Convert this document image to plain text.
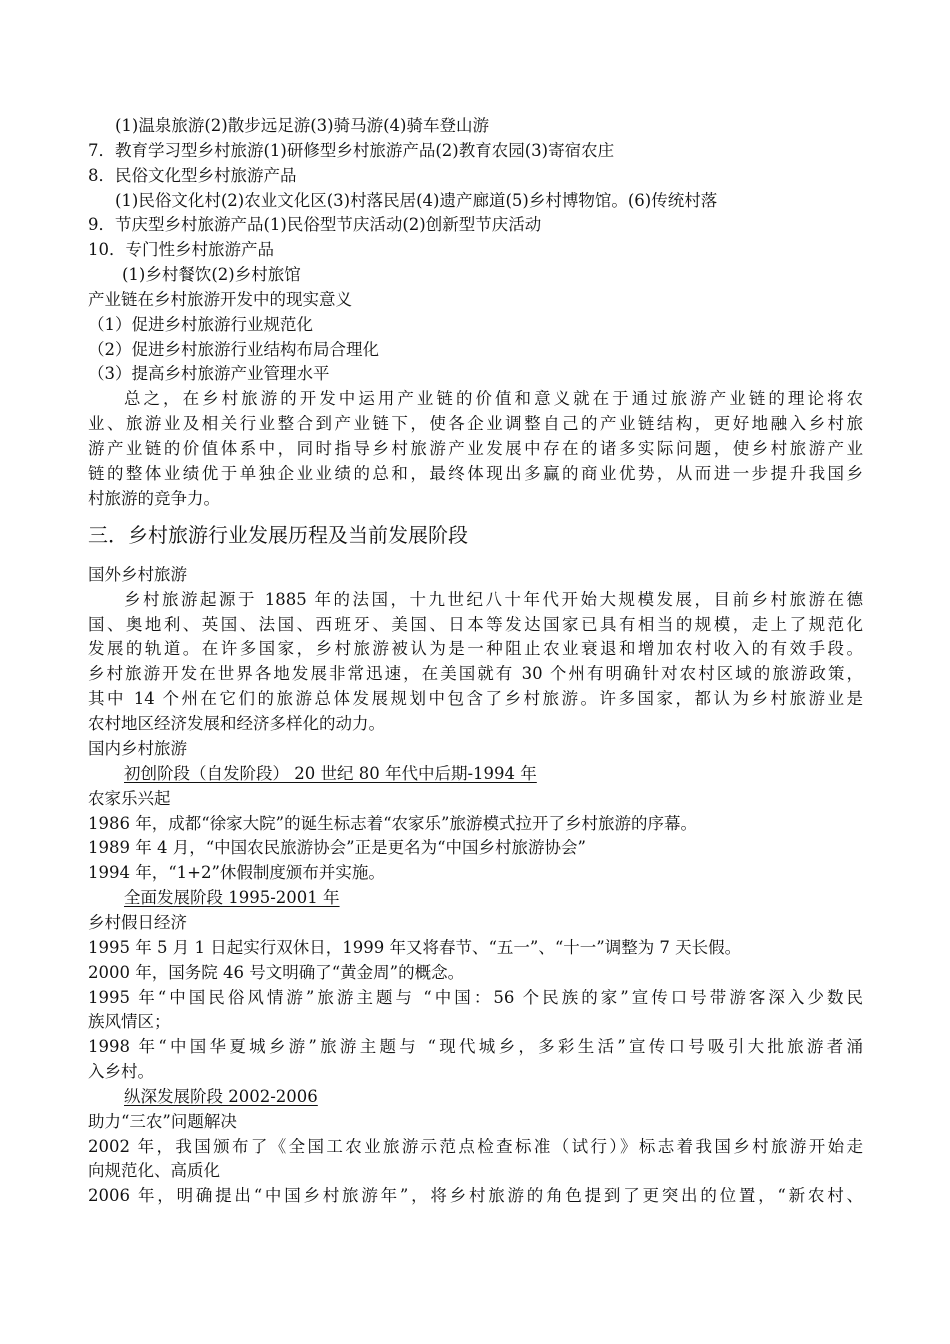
(1)温泉旅游(2)散步远足游(3)骑马游(4)骑车登山游
7．教育学习型乡村旅游(1)研修型乡村旅游产品(2)教育农园(3)寄宿农庄
8．民俗文化型乡村旅游产品
(1)民俗文化村(2)农业文化区(3)村落民居(4)遗产廊道(5)乡村博物馆。(6)传统村落
9．节庆型乡村旅游产品(1)民俗型节庆活动(2)创新型节庆活动
10．专门性乡村旅游产品
(1)乡村餐饮(2)乡村旅馆
产业链在乡村旅游开发中的现实意义
（1）促进乡村旅游行业规范化
（2）促进乡村旅游行业结构布局合理化
（3）提高乡村旅游产业管理水平
总之，在乡村旅游的开发中运用产业链的价值和意义就在于通过旅游产业链的理论将农
业、旅游业及相关行业整合到产业链下，使各企业调整自己的产业链结构，更好地融入乡村旅
游产业链的价值体系中，同时指导乡村旅游产业发展中存在的诸多实际问题，使乡村旅游产业
链的整体业绩优于单独企业业绩的总和，最终体现出多赢的商业优势，从而进一步提升我国乡
村旅游的竞争力。
三．乡村旅游行业发展历程及当前发展阶段
国外乡村旅游
乡村旅游起源于 1885 年的法国，十九世纪八十年代开始大规模发展，目前乡村旅游在德
国、奥地利、英国、法国、西班牙、美国、日本等发达国家已具有相当的规模，走上了规范化
发展的轨道。在许多国家，乡村旅游被认为是一种阻止农业衰退和增加农村收入的有效手段。
乡村旅游开发在世界各地发展非常迅速，在美国就有 30 个州有明确针对农村区域的旅游政策，
其中 14 个州在它们的旅游总体发展规划中包含了乡村旅游。许多国家，都认为乡村旅游业是
农村地区经济发展和经济多样化的动力。
国内乡村旅游
初创阶段（自发阶段） 20 世纪 80 年代中后期-1994 年
农家乐兴起
1986 年，成都“徐家大院”的诞生标志着“农家乐”旅游模式拉开了乡村旅游的序幕。
1989 年 4 月，“中国农民旅游协会”正是更名为“中国乡村旅游协会”
1994 年，“1+2”休假制度颁布并实施。
全面发展阶段 1995-2001 年
乡村假日经济
1995 年 5 月 1 日起实行双休日，1999 年又将春节、“五一”、“十一”调整为 7 天长假。
2000 年，国务院 46 号文明确了“黄金周”的概念。
1995 年“中国民俗风情游”旅游主题与 “中国：56 个民族的家”宣传口号带游客深入少数民
族风情区；
1998 年“中国华夏城乡游”旅游主题与 “现代城乡，多彩生活”宣传口号吸引大批旅游者涌
入乡村。
纵深发展阶段 2002-2006
助力“三农”问题解决
2002 年，我国颁布了《全国工农业旅游示范点检查标准（试行）》标志着我国乡村旅游开始走
向规范化、高质化
2006 年，明确提出“中国乡村旅游年”，将乡村旅游的角色提到了更突出的位置，“新农村、
